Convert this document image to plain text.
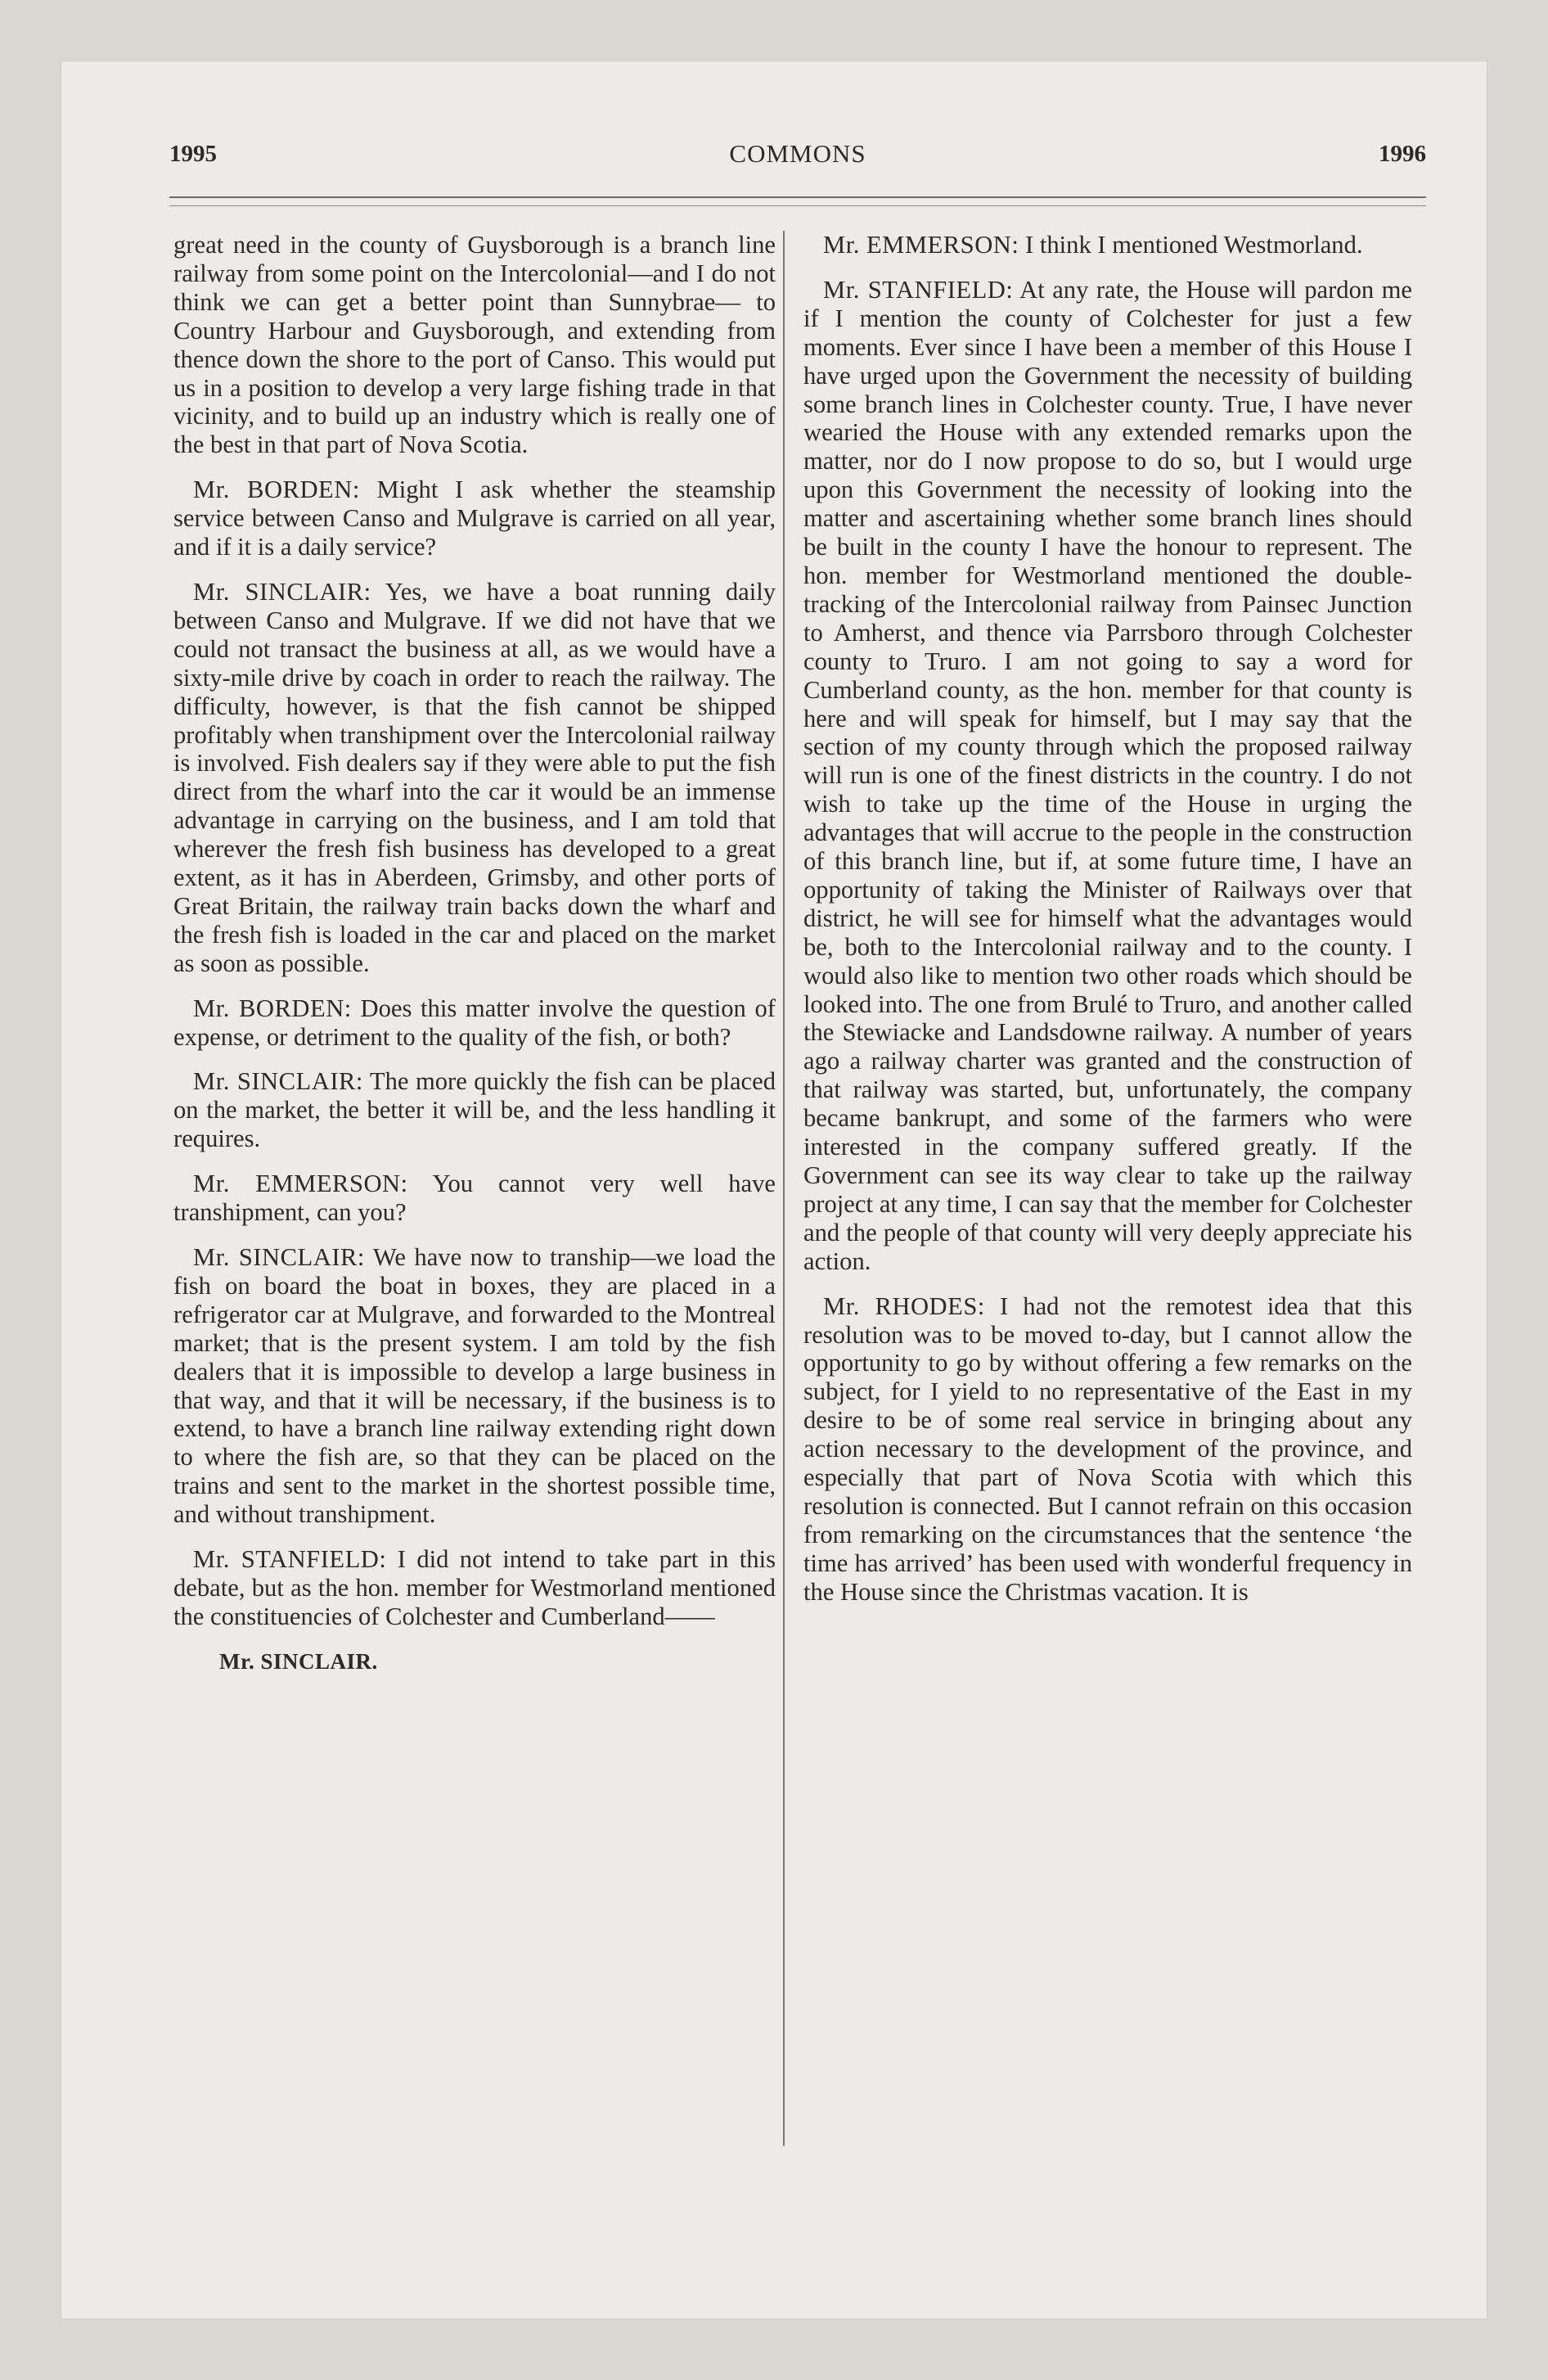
1995	COMMONS	1996

great need in the county of Guysborough is a branch line railway from some point on the Intercolonial—and I do not think we can get a better point than Sunnybrae— to Country Harbour and Guysborough, and extending from thence down the shore to the port of Canso. This would put us in a position to develop a very large fishing trade in that vicinity, and to build up an industry which is really one of the best in that part of Nova Scotia.

Mr. BORDEN: Might I ask whether the steamship service between Canso and Mulgrave is carried on all year, and if it is a daily service?

Mr. SINCLAIR: Yes, we have a boat running daily between Canso and Mulgrave. If we did not have that we could not transact the business at all, as we would have a sixty-mile drive by coach in order to reach the railway. The difficulty, however, is that the fish cannot be shipped profitably when transhipment over the Intercolonial railway is involved. Fish dealers say if they were able to put the fish direct from the wharf into the car it would be an immense advantage in carrying on the business, and I am told that wherever the fresh fish business has developed to a great extent, as it has in Aberdeen, Grimsby, and other ports of Great Britain, the railway train backs down the wharf and the fresh fish is loaded in the car and placed on the market as soon as possible.

Mr. BORDEN: Does this matter involve the question of expense, or detriment to the quality of the fish, or both?

Mr. SINCLAIR: The more quickly the fish can be placed on the market, the better it will be, and the less handling it requires.

Mr. EMMERSON: You cannot very well have transhipment, can you?

Mr. SINCLAIR: We have now to tranship—we load the fish on board the boat in boxes, they are placed in a refrigerator car at Mulgrave, and forwarded to the Montreal market; that is the present system. I am told by the fish dealers that it is impossible to develop a large business in that way, and that it will be necessary, if the business is to extend, to have a branch line railway extending right down to where the fish are, so that they can be placed on the trains and sent to the market in the shortest possible time, and without transhipment.

Mr. STANFIELD: I did not intend to take part in this debate, but as the hon. member for Westmorland mentioned the constituencies of Colchester and Cumberland——

Mr. SINCLAIR.

Mr. EMMERSON: I think I mentioned Westmorland.

Mr. STANFIELD: At any rate, the House will pardon me if I mention the county of Colchester for just a few moments. Ever since I have been a member of this House I have urged upon the Government the necessity of building some branch lines in Colchester county. True, I have never wearied the House with any extended remarks upon the matter, nor do I now propose to do so, but I would urge upon this Government the necessity of looking into the matter and ascertaining whether some branch lines should be built in the county I have the honour to represent. The hon. member for Westmorland mentioned the double-tracking of the Intercolonial railway from Painsec Junction to Amherst, and thence via Parrsboro through Colchester county to Truro. I am not going to say a word for Cumberland county, as the hon. member for that county is here and will speak for himself, but I may say that the section of my county through which the proposed railway will run is one of the finest districts in the country. I do not wish to take up the time of the House in urging the advantages that will accrue to the people in the construction of this branch line, but if, at some future time, I have an opportunity of taking the Minister of Railways over that district, he will see for himself what the advantages would be, both to the Intercolonial railway and to the county. I would also like to mention two other roads which should be looked into. The one from Brulé to Truro, and another called the Stewiacke and Landsdowne railway. A number of years ago a railway charter was granted and the construction of that railway was started, but, unfortunately, the company became bankrupt, and some of the farmers who were interested in the company suffered greatly. If the Government can see its way clear to take up the railway project at any time, I can say that the member for Colchester and the people of that county will very deeply appreciate his action.

Mr. RHODES: I had not the remotest idea that this resolution was to be moved to-day, but I cannot allow the opportunity to go by without offering a few remarks on the subject, for I yield to no representative of the East in my desire to be of some real service in bringing about any action necessary to the development of the province, and especially that part of Nova Scotia with which this resolution is connected. But I cannot refrain on this occasion from remarking on the circumstances that the sentence ‘the time has arrived’ has been used with wonderful frequency in the House since the Christmas vacation. It is
